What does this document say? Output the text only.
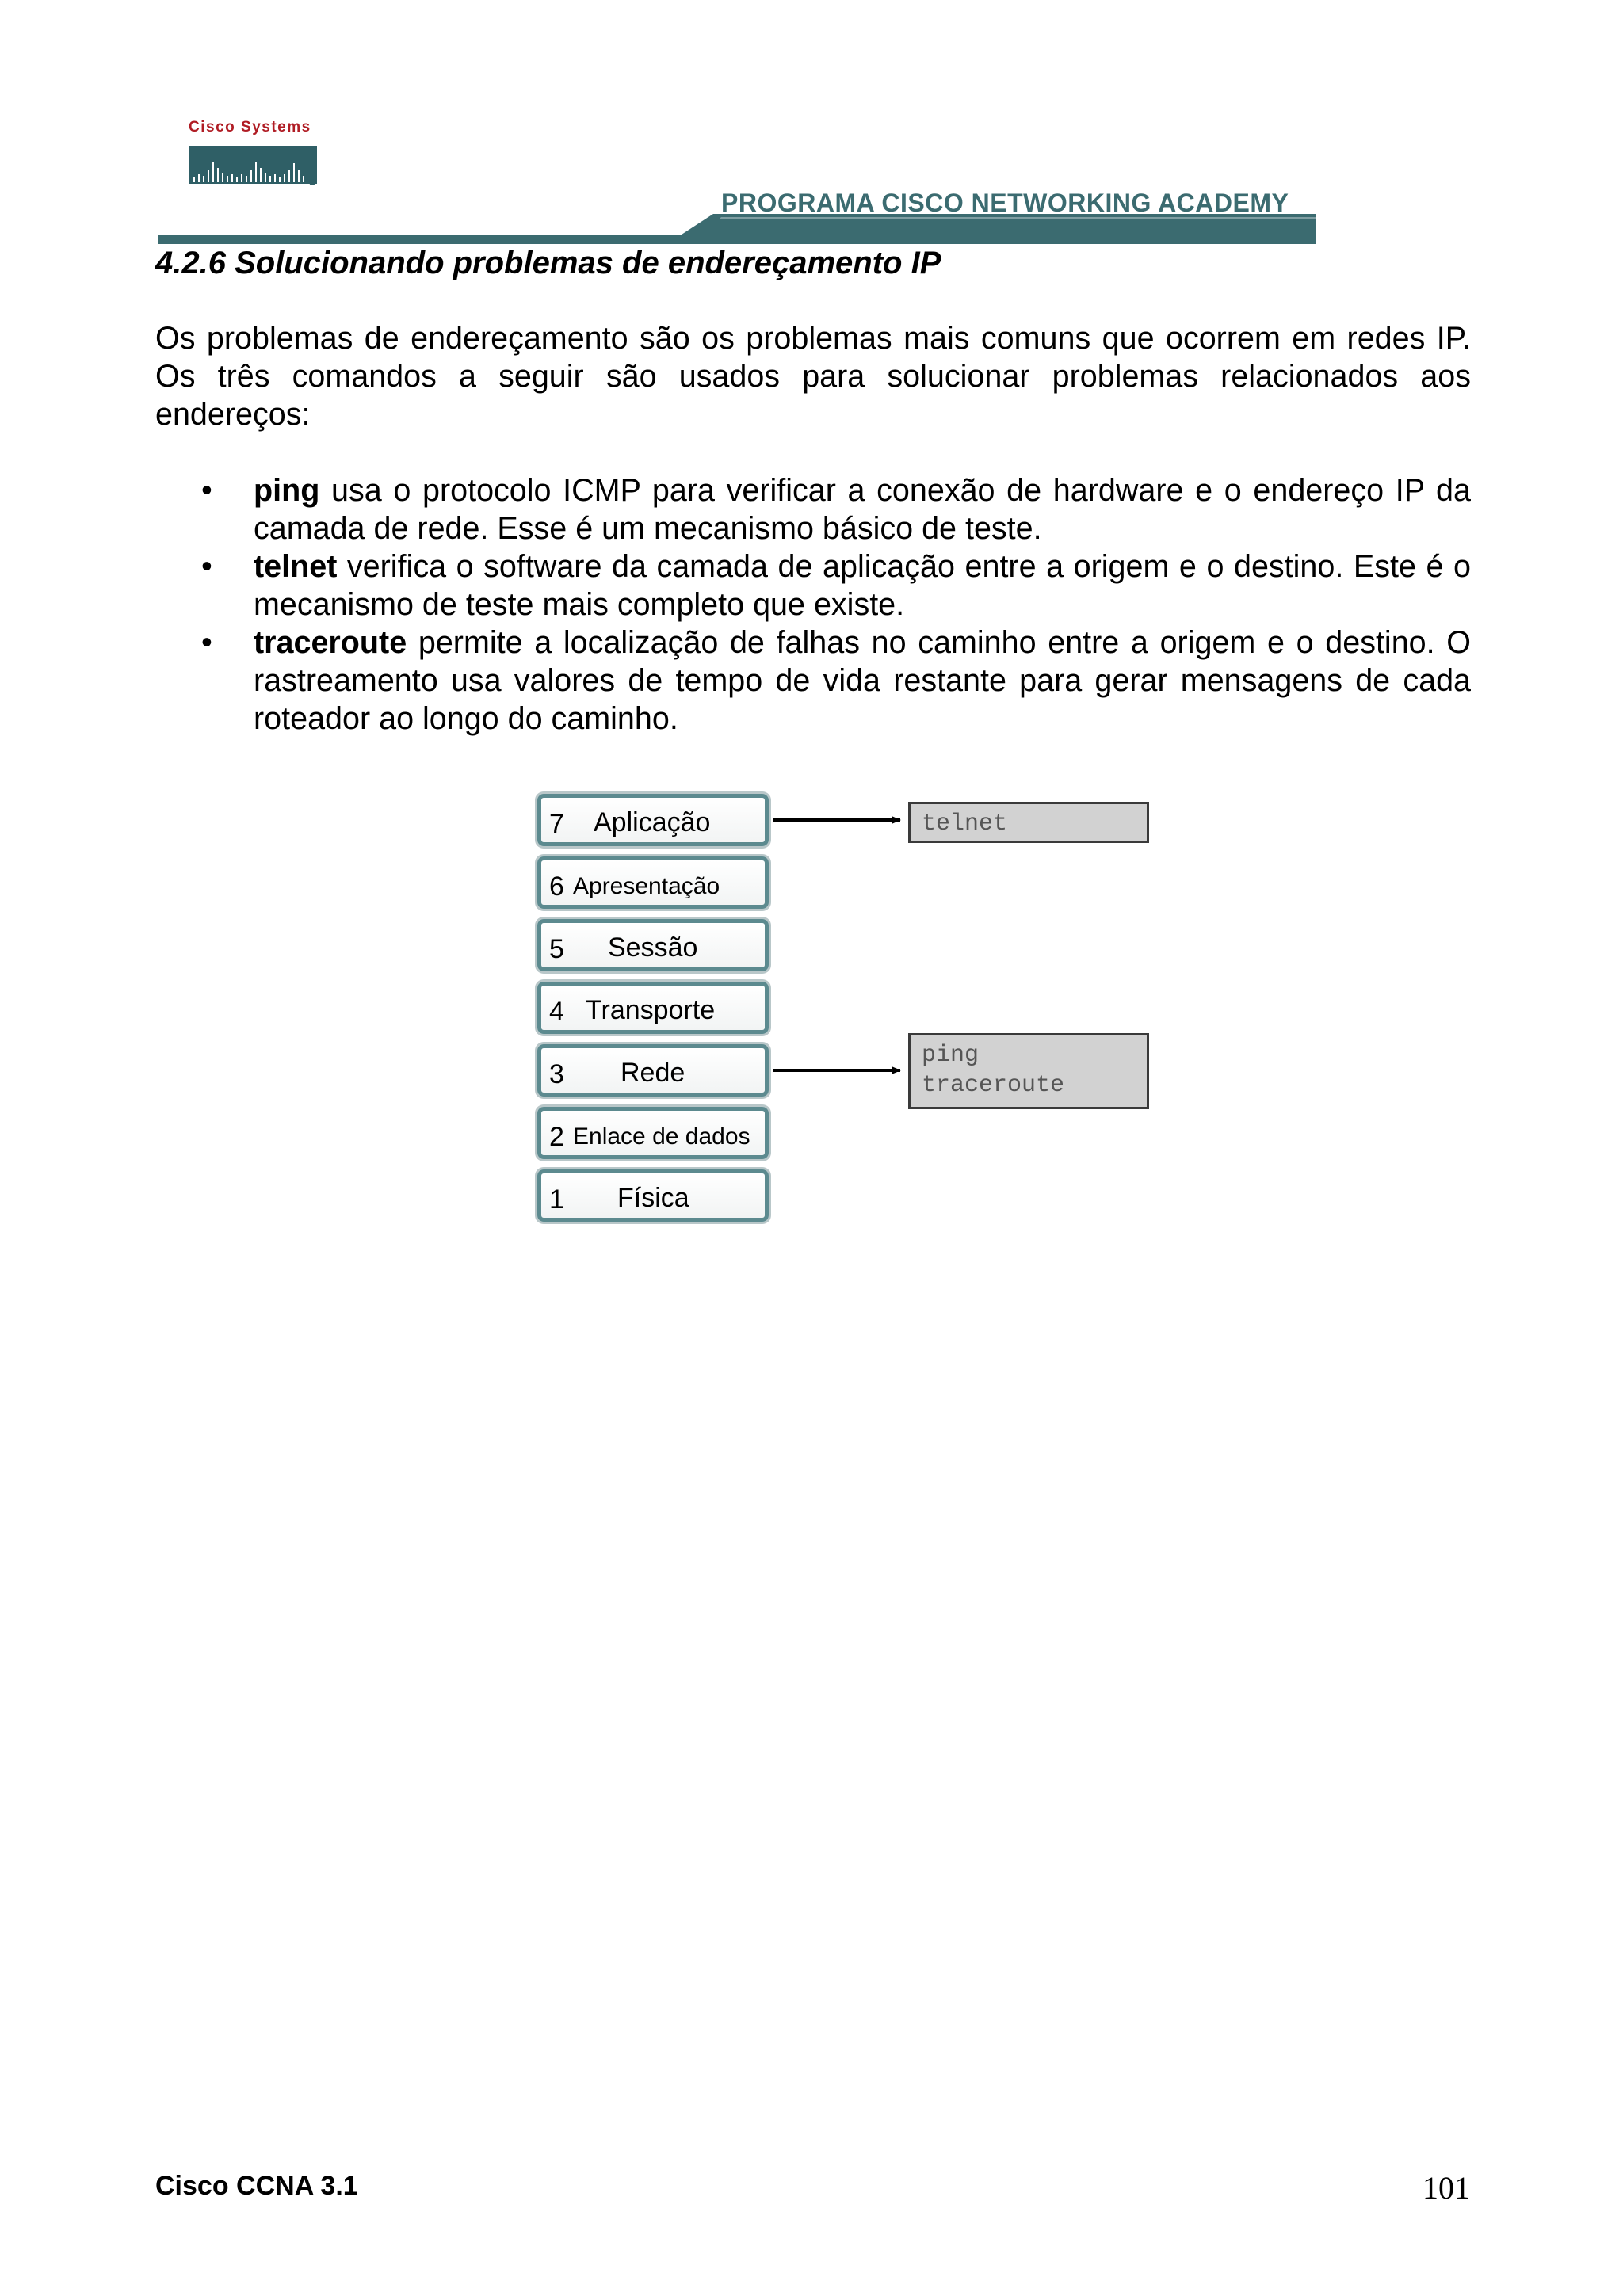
Cisco Systems
PROGRAMA CISCO NETWORKING ACADEMY
4.2.6 Solucionando problemas de endereçamento IP

Os problemas de endereçamento são os problemas mais comuns que ocorrem em redes IP. Os três comandos a seguir são usados para solucionar problemas relacionados aos endereços:

• ping usa o protocolo ICMP para verificar a conexão de hardware e o endereço IP da camada de rede. Esse é um mecanismo básico de teste.
• telnet verifica o software da camada de aplicação entre a origem e o destino. Este é o mecanismo de teste mais completo que existe.
• traceroute permite a localização de falhas no caminho entre a origem e o destino. O rastreamento usa valores de tempo de vida restante para gerar mensagens de cada roteador ao longo do caminho.
7 Aplicação
6 Apresentação
5 Sessão
4 Transporte
3 Rede
2 Enlace de dados
1 Física
telnet
ping
traceroute
Cisco CCNA 3.1	101
